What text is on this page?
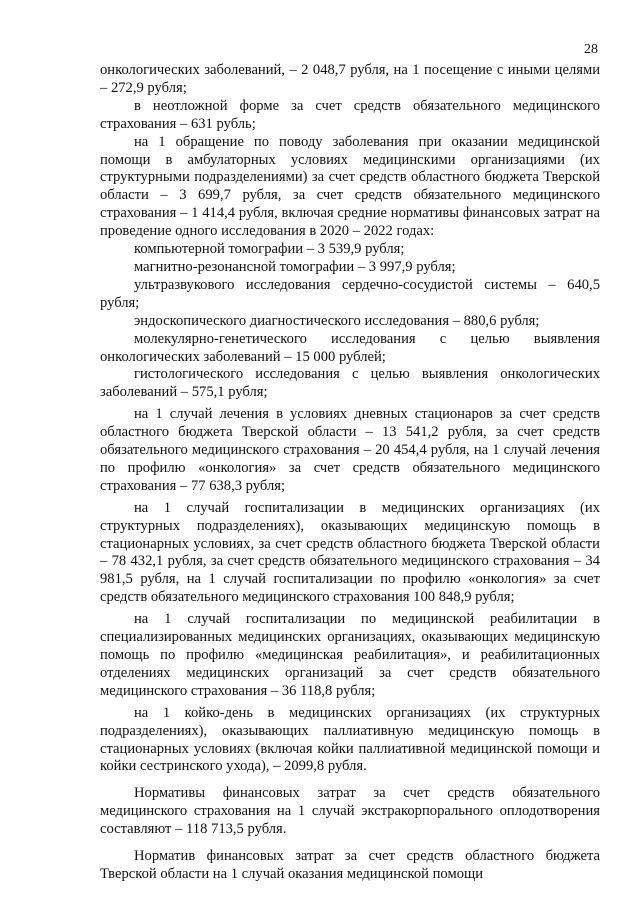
28

онкологических заболеваний, – 2 048,7 рубля, на 1 посещение с иными целями – 272,9 рубля;

в неотложной форме за счет средств обязательного медицинского страхования – 631 рубль;

на 1 обращение по поводу заболевания при оказании медицинской помощи в амбулаторных условиях медицинскими организациями (их структурными подразделениями) за счет средств областного бюджета Тверской области – 3 699,7 рубля, за счет средств обязательного медицинского страхования – 1 414,4 рубля, включая средние нормативы финансовых затрат на проведение одного исследования в 2020 – 2022 годах:

компьютерной томографии – 3 539,9 рубля;

магнитно-резонансной томографии – 3 997,9 рубля;

ультразвукового исследования сердечно-сосудистой системы – 640,5 рубля;

эндоскопического диагностического исследования – 880,6 рубля;

молекулярно-генетического исследования с целью выявления онкологических заболеваний – 15 000 рублей;

гистологического исследования с целью выявления онкологических заболеваний – 575,1 рубля;

на 1 случай лечения в условиях дневных стационаров за счет средств областного бюджета Тверской области – 13 541,2 рубля, за счет средств обязательного медицинского страхования – 20 454,4 рубля, на 1 случай лечения по профилю «онкология» за счет средств обязательного медицинского страхования – 77 638,3 рубля;

на 1 случай госпитализации в медицинских организациях (их структурных подразделениях), оказывающих медицинскую помощь в стационарных условиях, за счет средств областного бюджета Тверской области – 78 432,1 рубля, за счет средств обязательного медицинского страхования – 34 981,5 рубля, на 1 случай госпитализации по профилю «онкология» за счет средств обязательного медицинского страхования 100 848,9 рубля;

на 1 случай госпитализации по медицинской реабилитации в специализированных медицинских организациях, оказывающих медицинскую помощь по профилю «медицинская реабилитация», и реабилитационных отделениях медицинских организаций за счет средств обязательного медицинского страхования – 36 118,8 рубля;

на 1 койко-день в медицинских организациях (их структурных подразделениях), оказывающих паллиативную медицинскую помощь в стационарных условиях (включая койки паллиативной медицинской помощи и койки сестринского ухода), – 2099,8 рубля.

Нормативы финансовых затрат за счет средств обязательного медицинского страхования на 1 случай экстракорпорального оплодотворения составляют – 118 713,5 рубля.

Норматив финансовых затрат за счет средств областного бюджета Тверской области на 1 случай оказания медицинской помощи
